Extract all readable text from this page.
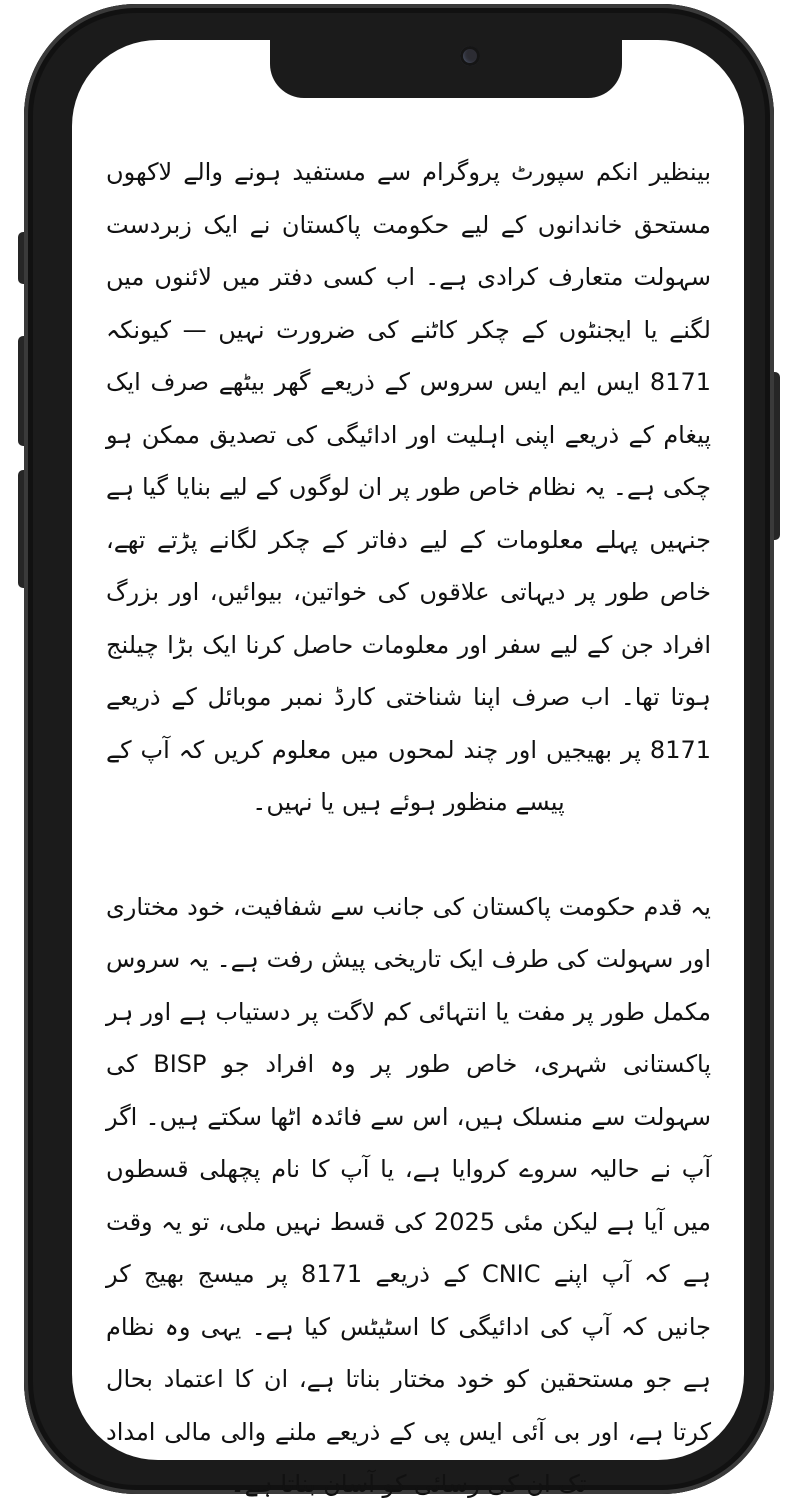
بینظیر انکم سپورٹ پروگرام سے مستفید ہونے والے لاکھوں مستحق خاندانوں کے لیے حکومت پاکستان نے ایک زبردست سہولت متعارف کرادی ہے۔ اب کسی دفتر میں لائنوں میں لگنے یا ایجنٹوں کے چکر کاٹنے کی ضرورت نہیں — کیونکہ 8171 ایس ایم ایس سروس کے ذریعے گھر بیٹھے صرف ایک پیغام کے ذریعے اپنی اہلیت اور ادائیگی کی تصدیق ممکن ہو چکی ہے۔ یہ نظام خاص طور پر ان لوگوں کے لیے بنایا گیا ہے جنہیں پہلے معلومات کے لیے دفاتر کے چکر لگانے پڑتے تھے، خاص طور پر دیہاتی علاقوں کی خواتین، بیوائیں، اور بزرگ افراد جن کے لیے سفر اور معلومات حاصل کرنا ایک بڑا چیلنج ہوتا تھا۔ اب صرف اپنا شناختی کارڈ نمبر موبائل کے ذریعے 8171 پر بھیجیں اور چند لمحوں میں معلوم کریں کہ آپ کے پیسے منظور ہوئے ہیں یا نہیں۔

یہ قدم حکومت پاکستان کی جانب سے شفافیت، خود مختاری اور سہولت کی طرف ایک تاریخی پیش رفت ہے۔ یہ سروس مکمل طور پر مفت یا انتہائی کم لاگت پر دستیاب ہے اور ہر پاکستانی شہری، خاص طور پر وہ افراد جو BISP کی سہولت سے منسلک ہیں، اس سے فائدہ اٹھا سکتے ہیں۔ اگر آپ نے حالیہ سروے کروایا ہے، یا آپ کا نام پچھلی قسطوں میں آیا ہے لیکن مئی 2025 کی قسط نہیں ملی، تو یہ وقت ہے کہ آپ اپنے CNIC کے ذریعے 8171 پر میسج بھیج کر جانیں کہ آپ کی ادائیگی کا اسٹیٹس کیا ہے۔ یہی وہ نظام ہے جو مستحقین کو خود مختار بناتا ہے، ان کا اعتماد بحال کرتا ہے، اور بی آئی ایس پی کے ذریعے ملنے والی مالی امداد تک ان کی رسائی کو آسان بناتا ہے۔
